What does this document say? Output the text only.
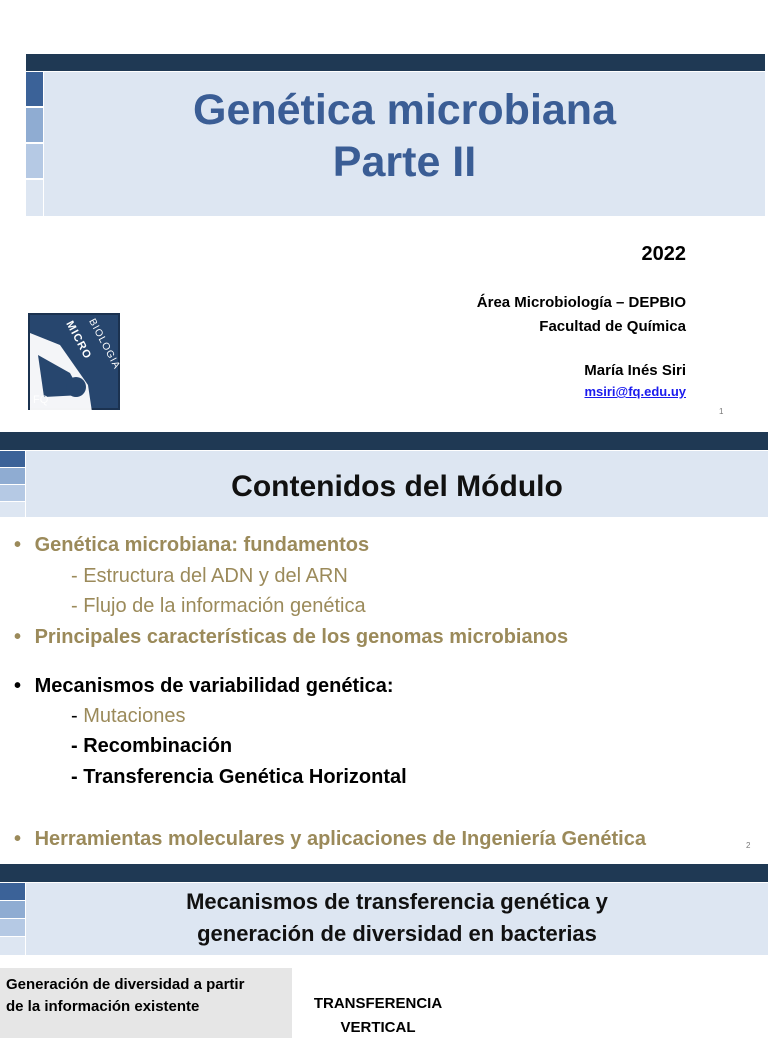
Genética microbiana
Parte II
MICRO
BIOLOGIA
FQ
2022
Área Microbiología – DEPBIO
Facultad de Química
María Inés Siri
msiri@fq.edu.uy
1
Contenidos del Módulo
• Genética microbiana: fundamentos
- Estructura del ADN y del ARN
- Flujo de la información genética
• Principales características de los genomas microbianos
• Mecanismos de variabilidad genética:
- Mutaciones
- Recombinación
- Transferencia Genética Horizontal
• Herramientas moleculares y aplicaciones de Ingeniería Genética	2
Mecanismos de transferencia genética y
generación de diversidad en bacterias
Generación de diversidad a partir
de la información existente	TRANSFERENCIA
VERTICAL
